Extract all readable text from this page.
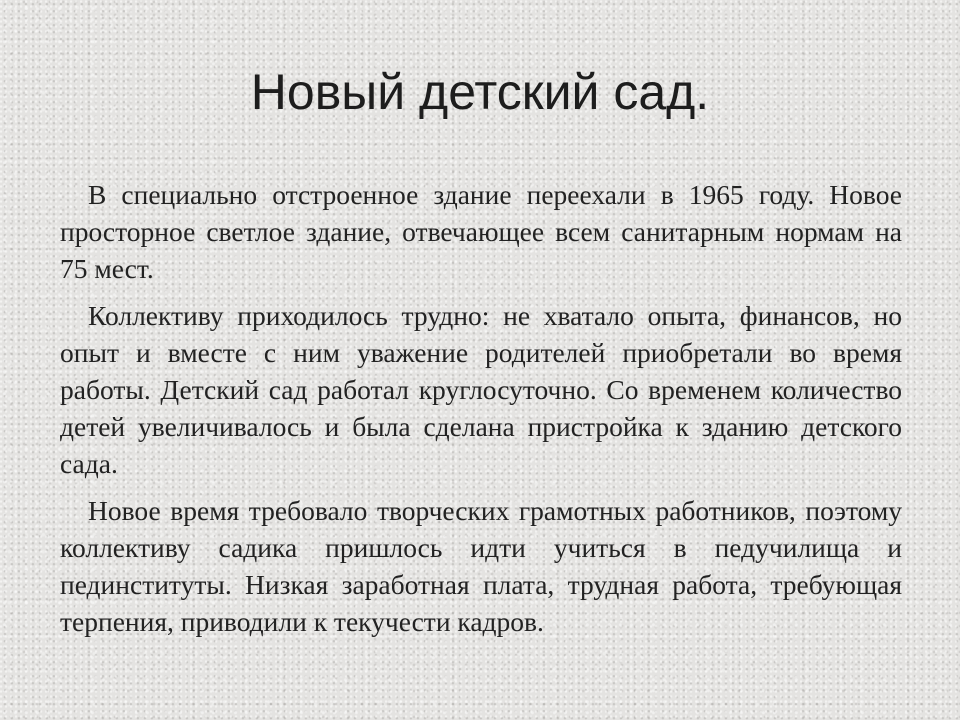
Новый детский сад.

В специально отстроенное здание переехали в 1965 году. Новое просторное светлое здание, отвечающее всем санитарным нормам на 75 мест.

Коллективу приходилось трудно: не хватало опыта, финансов, но опыт и вместе с ним уважение родителей приобретали во время работы. Детский сад работал круглосуточно. Со временем количество детей увеличивалось и была сделана пристройка к зданию детского сада.

Новое время требовало творческих грамотных работников, поэтому коллективу садика пришлось идти учиться в педучилища и пединституты. Низкая заработная плата, трудная работа, требующая терпения, приводили к текучести кадров.
